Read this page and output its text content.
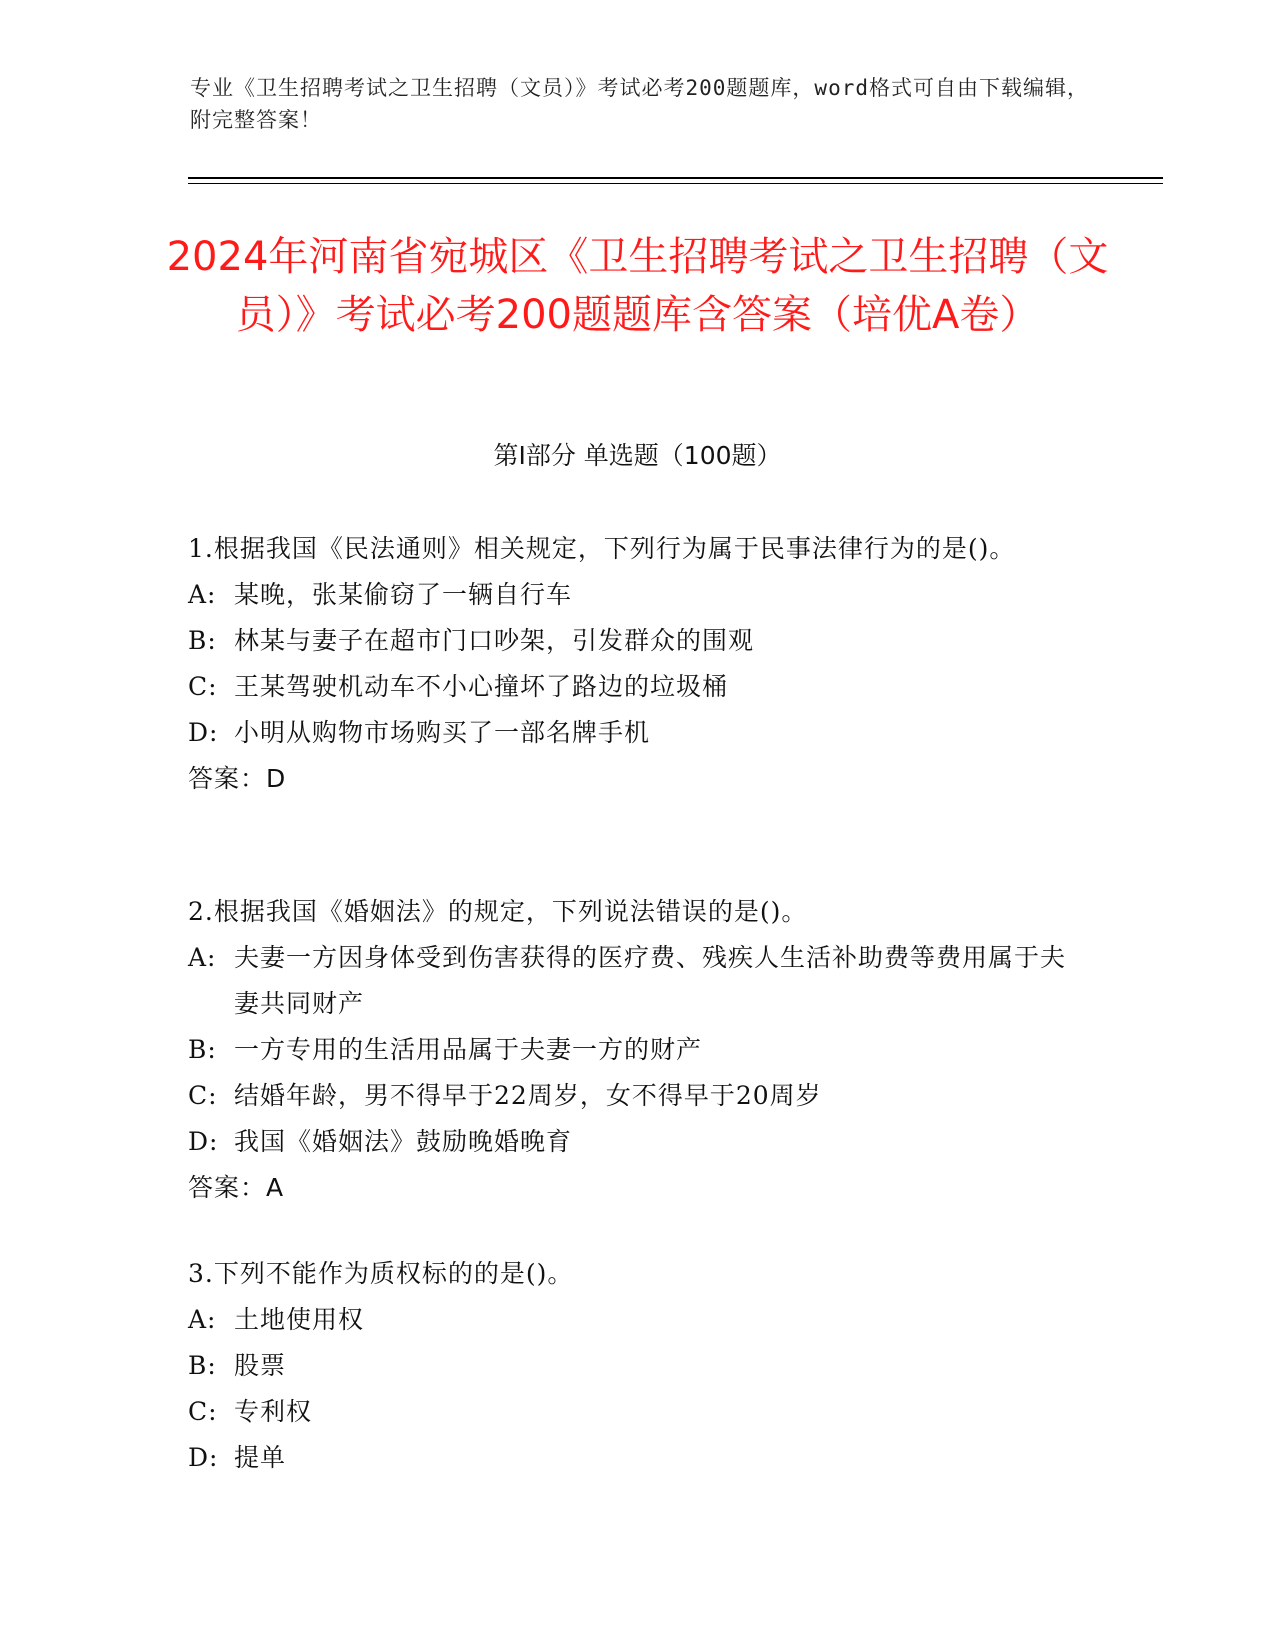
专业《卫生招聘考试之卫生招聘（文员）》考试必考200题题库，word格式可自由下载编辑，附完整答案！
2024年河南省宛城区《卫生招聘考试之卫生招聘（文员）》考试必考200题题库含答案（培优A卷）
第I部分 单选题（100题）

1.根据我国《民法通则》相关规定，下列行为属于民事法律行为的是()。

A: 某晚，张某偷窃了一辆自行车
B: 林某与妻子在超市门口吵架，引发群众的围观
C: 王某驾驶机动车不小心撞坏了路边的垃圾桶
D: 小明从购物市场购买了一部名牌手机

答案：D

2.根据我国《婚姻法》的规定，下列说法错误的是()。

A: 夫妻一方因身体受到伤害获得的医疗费、残疾人生活补助费等费用属于夫妻共同财产
B: 一方专用的生活用品属于夫妻一方的财产
C: 结婚年龄，男不得早于22周岁，女不得早于20周岁
D: 我国《婚姻法》鼓励晚婚晚育

答案：A

3.下列不能作为质权标的的是()。

A: 土地使用权
B: 股票
C: 专利权
D: 提单
